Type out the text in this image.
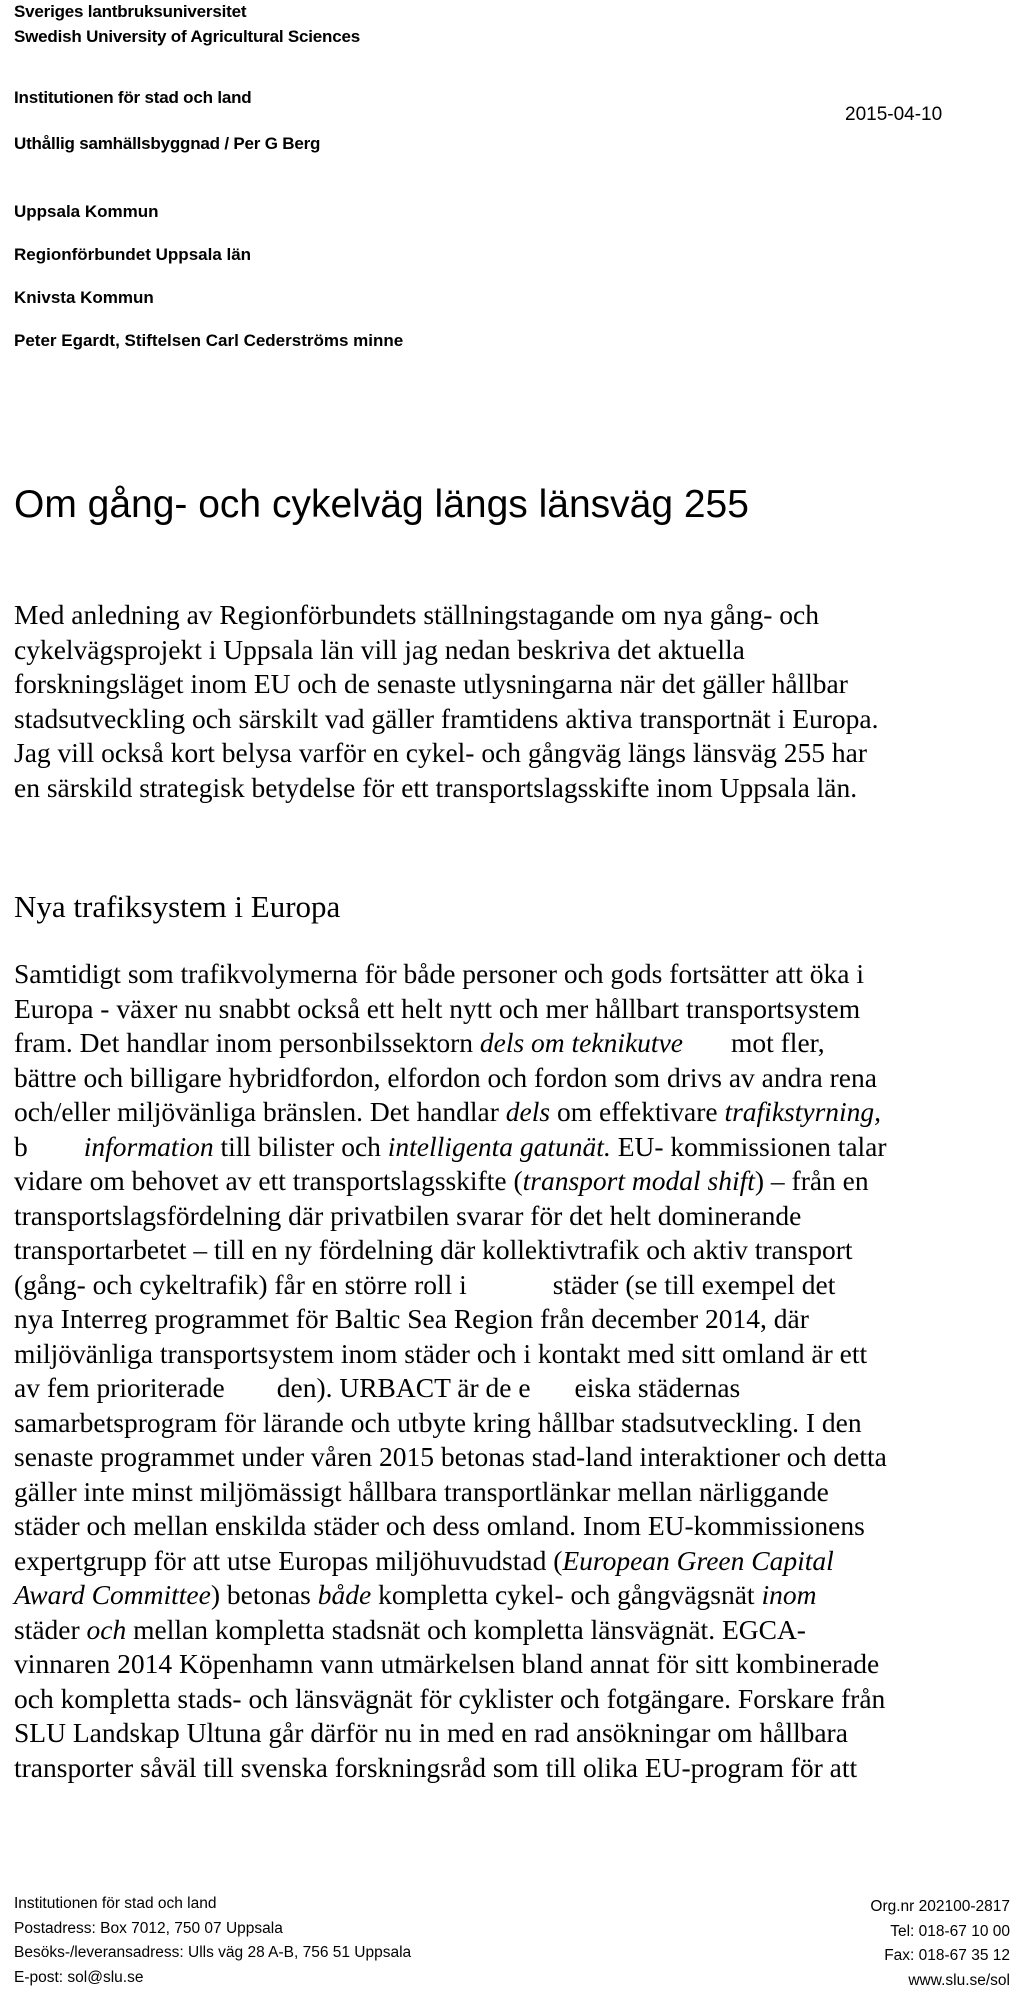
Sveriges lantbruksuniversitet
Swedish University of Agricultural Sciences
Institutionen för stad och land
2015-04-10
Uthållig samhällsbyggnad / Per G Berg
Uppsala Kommun
Regionförbundet Uppsala län
Knivsta Kommun
Peter Egardt, Stiftelsen Carl Cederströms minne
Om gång- och cykelväg längs länsväg 255

Med anledning av Regionförbundets ställningstagande om nya gång- och

cykelvägsprojekt i Uppsala län vill jag nedan beskriva det aktuella

forskningsläget inom EU och de senaste utlysningarna när det gäller hållbar

stadsutveckling och särskilt vad gäller framtidens aktiva transportnät i Europa.

Jag vill också kort belysa varför en cykel- och gångväg längs länsväg 255 har

en särskild strategisk betydelse för ett transportslagsskifte inom Uppsala län.

Nya trafiksystem i Europa

Samtidigt som trafikvolymerna för både personer och gods fortsätter att öka i

Europa - växer nu snabbt också ett helt nytt och mer hållbart transportsystem

fram. Det handlar inom personbilssektorn dels om teknikutve mot fler,

bättre och billigare hybridfordon, elfordon och fordon som drivs av andra rena

och/eller miljövänliga bränslen. Det handlar dels om effektivare trafikstyrning,

b information till bilister och intelligenta gatunät. EU- kommissionen talar

vidare om behovet av ett transportslagsskifte (transport modal shift) – från en

transportslagsfördelning där privatbilen svarar för det helt dominerande

transportarbetet – till en ny fördelning där kollektivtrafik och aktiv transport

(gång- och cykeltrafik) får en större roll i	städer (se till exempel det

nya Interreg programmet för Baltic Sea Region från december 2014, där

miljövänliga transportsystem inom städer och i kontakt med sitt omland är ett

av fem prioriterade den). URBACT är de e eiska städernas

samarbetsprogram för lärande och utbyte kring hållbar stadsutveckling. I den

senaste programmet under våren 2015 betonas stad-land interaktioner och detta

gäller inte minst miljömässigt hållbara transportlänkar mellan närliggande

städer och mellan enskilda städer och dess omland. Inom EU-kommissionens

expertgrupp för att utse Europas miljöhuvudstad (European Green Capital

Award Committee) betonas både kompletta cykel- och gångvägsnät inom

städer och mellan kompletta stadsnät och kompletta länsvägnät. EGCA-

vinnaren 2014 Köpenhamn vann utmärkelsen bland annat för sitt kombinerade

och kompletta stads- och länsvägnät för cyklister och fotgängare. Forskare från

SLU Landskap Ultuna går därför nu in med en rad ansökningar om hållbara

transporter såväl till svenska forskningsråd som till olika EU-program för att

Institutionen för stad och land
Postadress: Box 7012, 750 07 Uppsala
Besöks-/leveransadress: Ulls väg 28 A-B, 756 51 Uppsala
E-post: sol@slu.se
Org.nr 202100-2817
Tel: 018-67 10 00
Fax: 018-67 35 12
www.slu.se/sol
